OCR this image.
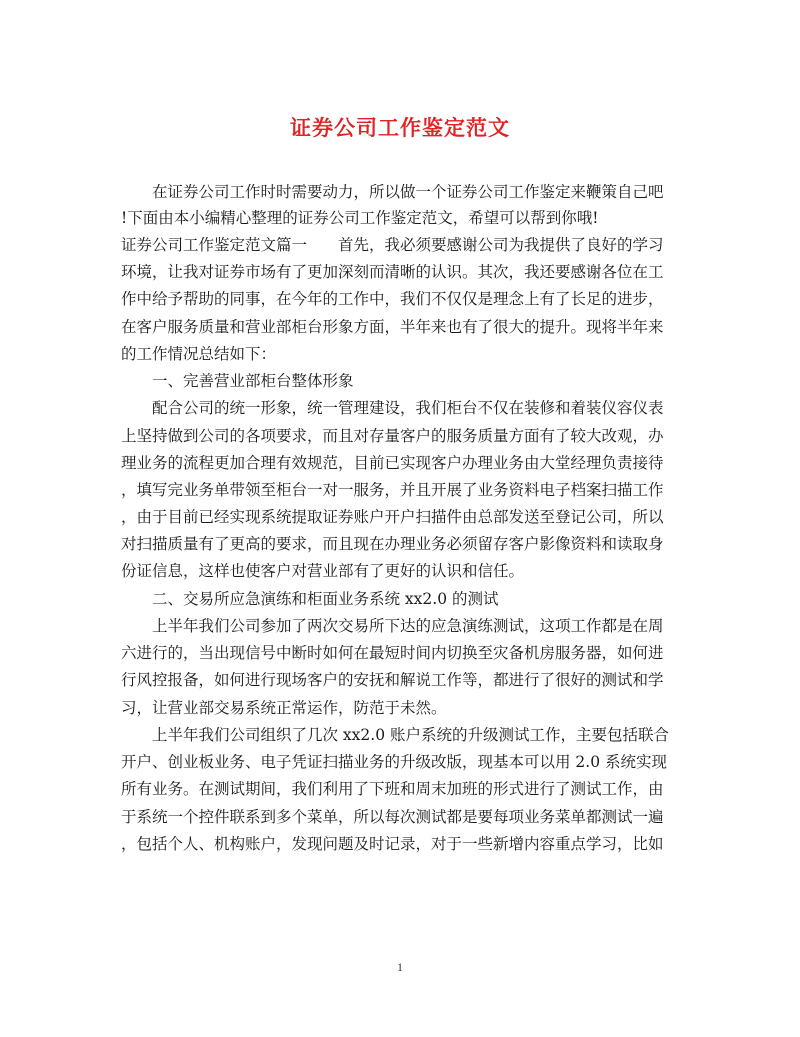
证券公司工作鉴定范文
　　在证券公司工作时时需要动力，所以做一个证券公司工作鉴定来鞭策自己吧
!下面由本小编精心整理的证券公司工作鉴定范文，希望可以帮到你哦!
证券公司工作鉴定范文篇一　　首先，我必须要感谢公司为我提供了良好的学习
环境，让我对证券市场有了更加深刻而清晰的认识。其次，我还要感谢各位在工
作中给予帮助的同事，在今年的工作中，我们不仅仅是理念上有了长足的进步，
在客户服务质量和营业部柜台形象方面，半年来也有了很大的提升。现将半年来
的工作情况总结如下：
　　一、完善营业部柜台整体形象
　　配合公司的统一形象，统一管理建设，我们柜台不仅在装修和着装仪容仪表
上坚持做到公司的各项要求，而且对存量客户的服务质量方面有了较大改观，办
理业务的流程更加合理有效规范，目前已实现客户办理业务由大堂经理负责接待
，填写完业务单带领至柜台一对一服务，并且开展了业务资料电子档案扫描工作
，由于目前已经实现系统提取证券账户开户扫描件由总部发送至登记公司，所以
对扫描质量有了更高的要求，而且现在办理业务必须留存客户影像资料和读取身
份证信息，这样也使客户对营业部有了更好的认识和信任。
　　二、交易所应急演练和柜面业务系统 xx2.0 的测试
　　上半年我们公司参加了两次交易所下达的应急演练测试，这项工作都是在周
六进行的，当出现信号中断时如何在最短时间内切换至灾备机房服务器，如何进
行风控报备，如何进行现场客户的安抚和解说工作等，都进行了很好的测试和学
习，让营业部交易系统正常运作，防范于未然。
　　上半年我们公司组织了几次 xx2.0 账户系统的升级测试工作，主要包括联合
开户、创业板业务、电子凭证扫描业务的升级改版，现基本可以用 2.0 系统实现
所有业务。在测试期间，我们利用了下班和周末加班的形式进行了测试工作，由
于系统一个控件联系到多个菜单，所以每次测试都是要每项业务菜单都测试一遍
，包括个人、机构账户，发现问题及时记录，对于一些新增内容重点学习，比如
1
